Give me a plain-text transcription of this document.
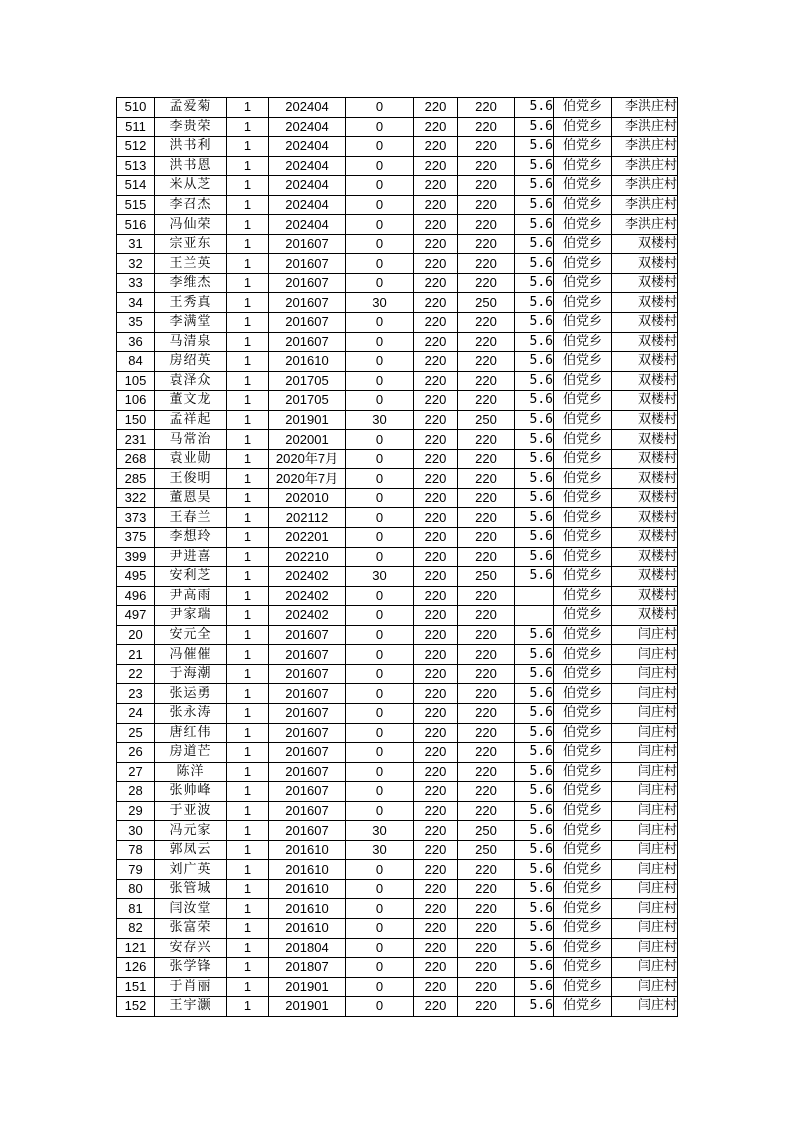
510	孟爱菊	1	202404	0	220	220	5.6	伯党乡	李洪庄村
511	李贵荣	1	202404	0	220	220	5.6	伯党乡	李洪庄村
512	洪书利	1	202404	0	220	220	5.6	伯党乡	李洪庄村
513	洪书恩	1	202404	0	220	220	5.6	伯党乡	李洪庄村
514	米从芝	1	202404	0	220	220	5.6	伯党乡	李洪庄村
515	李召杰	1	202404	0	220	220	5.6	伯党乡	李洪庄村
516	冯仙荣	1	202404	0	220	220	5.6	伯党乡	李洪庄村
31	宗亚东	1	201607	0	220	220	5.6	伯党乡	双楼村
32	王兰英	1	201607	0	220	220	5.6	伯党乡	双楼村
33	李维杰	1	201607	0	220	220	5.6	伯党乡	双楼村
34	王秀真	1	201607	30	220	250	5.6	伯党乡	双楼村
35	李满堂	1	201607	0	220	220	5.6	伯党乡	双楼村
36	马清泉	1	201607	0	220	220	5.6	伯党乡	双楼村
84	房绍英	1	201610	0	220	220	5.6	伯党乡	双楼村
105	袁泽众	1	201705	0	220	220	5.6	伯党乡	双楼村
106	董文龙	1	201705	0	220	220	5.6	伯党乡	双楼村
150	孟祥起	1	201901	30	220	250	5.6	伯党乡	双楼村
231	马常治	1	202001	0	220	220	5.6	伯党乡	双楼村
268	袁业勋	1	2020年7月	0	220	220	5.6	伯党乡	双楼村
285	王俊明	1	2020年7月	0	220	220	5.6	伯党乡	双楼村
322	董恩昊	1	202010	0	220	220	5.6	伯党乡	双楼村
373	王春兰	1	202112	0	220	220	5.6	伯党乡	双楼村
375	李想玲	1	202201	0	220	220	5.6	伯党乡	双楼村
399	尹进喜	1	202210	0	220	220	5.6	伯党乡	双楼村
495	安利芝	1	202402	30	220	250	5.6	伯党乡	双楼村
496	尹高雨	1	202402	0	220	220		伯党乡	双楼村
497	尹家瑞	1	202402	0	220	220		伯党乡	双楼村
20	安元全	1	201607	0	220	220	5.6	伯党乡	闫庄村
21	冯催催	1	201607	0	220	220	5.6	伯党乡	闫庄村
22	于海潮	1	201607	0	220	220	5.6	伯党乡	闫庄村
23	张运勇	1	201607	0	220	220	5.6	伯党乡	闫庄村
24	张永涛	1	201607	0	220	220	5.6	伯党乡	闫庄村
25	唐红伟	1	201607	0	220	220	5.6	伯党乡	闫庄村
26	房道芒	1	201607	0	220	220	5.6	伯党乡	闫庄村
27	陈洋	1	201607	0	220	220	5.6	伯党乡	闫庄村
28	张帅峰	1	201607	0	220	220	5.6	伯党乡	闫庄村
29	于亚波	1	201607	0	220	220	5.6	伯党乡	闫庄村
30	冯元家	1	201607	30	220	250	5.6	伯党乡	闫庄村
78	郭凤云	1	201610	30	220	250	5.6	伯党乡	闫庄村
79	刘广英	1	201610	0	220	220	5.6	伯党乡	闫庄村
80	张管城	1	201610	0	220	220	5.6	伯党乡	闫庄村
81	闫汝堂	1	201610	0	220	220	5.6	伯党乡	闫庄村
82	张富荣	1	201610	0	220	220	5.6	伯党乡	闫庄村
121	安存兴	1	201804	0	220	220	5.6	伯党乡	闫庄村
126	张学锋	1	201807	0	220	220	5.6	伯党乡	闫庄村
151	于肖丽	1	201901	0	220	220	5.6	伯党乡	闫庄村
152	王宇灏	1	201901	0	220	220	5.6	伯党乡	闫庄村
